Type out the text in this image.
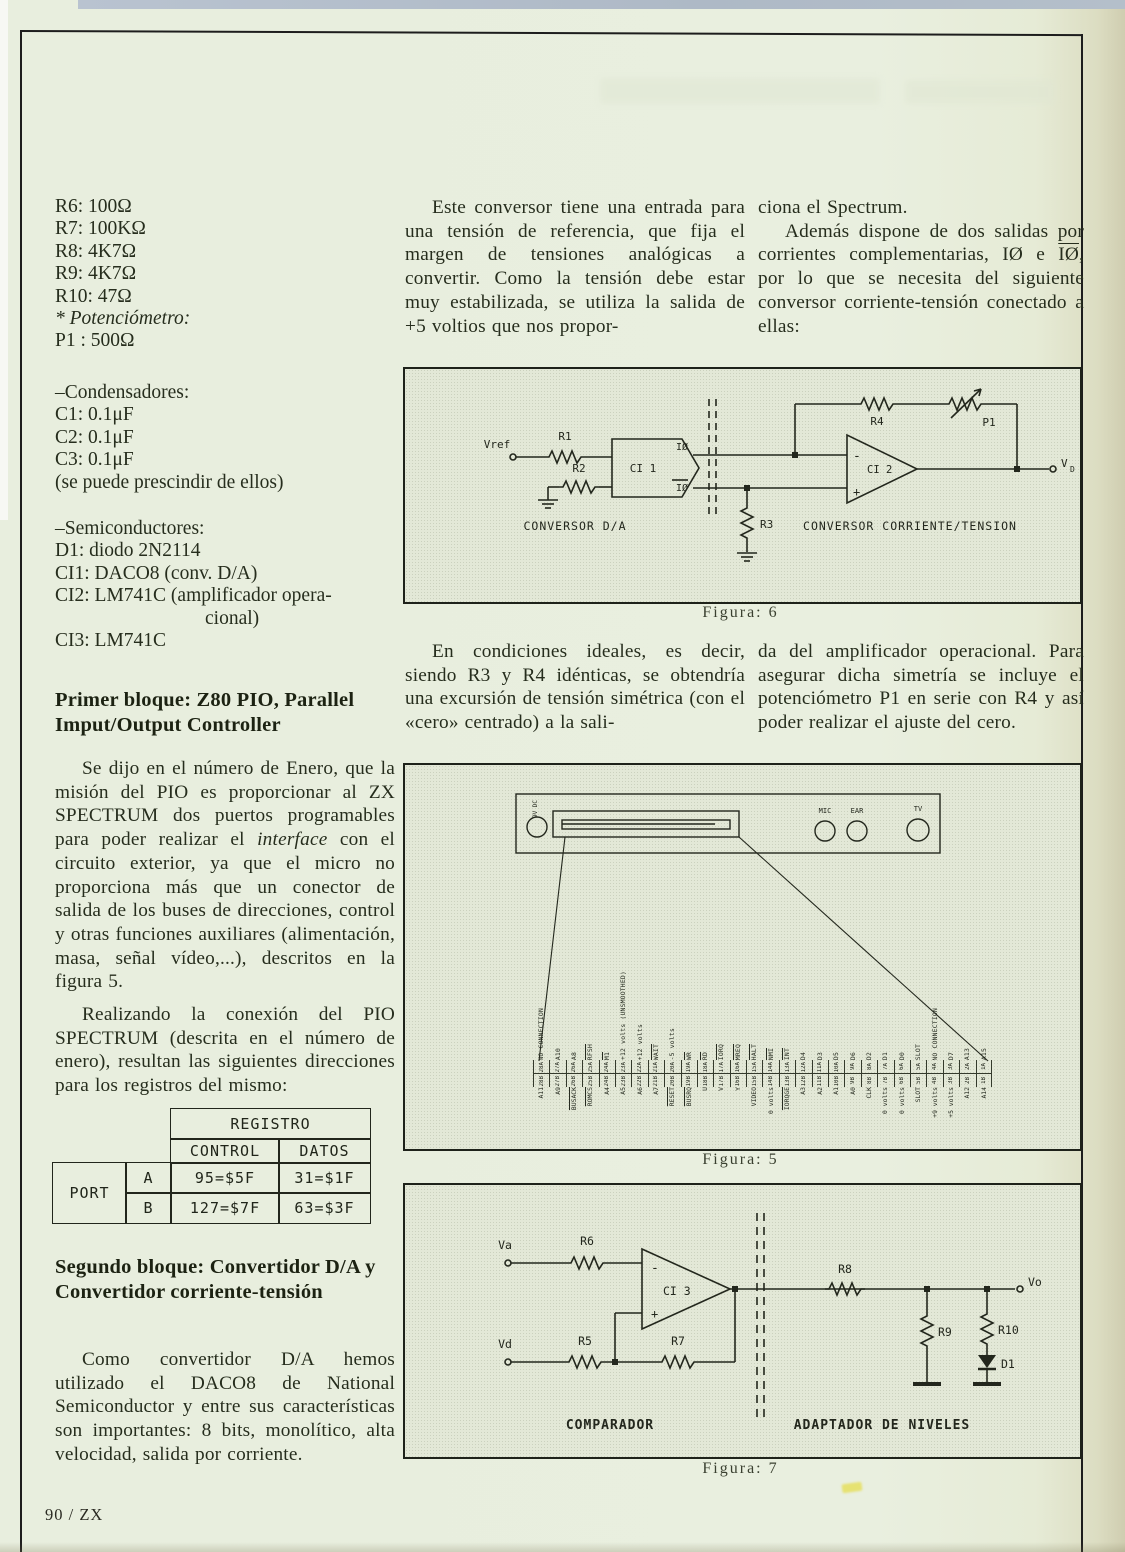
R6: 100Ω
R7: 100KΩ
R8: 4K7Ω
R9: 4K7Ω
R10: 47Ω
* Potenciómetro:
P1 : 500Ω
–Condensadores:
C1: 0.1μF
C2: 0.1μF
C3: 0.1μF
(se puede prescindir de ellos)
–Semiconductores:
D1: diodo 2N2114
CI1: DACO8 (conv. D/A)
CI2: LM741C (amplificador opera-
cional)
CI3: LM741C
Primer bloque: Z80 PIO, Parallel Imput/Output Controller

Se dijo en el número de Enero, que la misión del PIO es proporcionar al ZX SPECTRUM dos puertos programables para poder realizar el interface con el circuito exterior, ya que el micro no proporciona más que un conector de salida de los buses de direcciones, control y otras funciones auxiliares (alimentación, masa, señal vídeo,...), descritos en la figura 5.

Realizando la conexión del PIO SPECTRUM (descrita en el número de enero), resultan las siguientes direcciones para los registros del mismo:

REGISTRO
CONTROL	DATOS
PORT
A	95=$5F	31=$1F
B	127=$7F	63=$3F
Segundo bloque: Convertidor D/A y Convertidor corriente-tensión

Como convertidor D/A hemos utilizado el DACO8 de National Semiconductor y entre sus características son importantes: 8 bits, monolítico, alta velocidad, salida por corriente.

90 / ZX

Este conversor tiene una entrada para una tensión de referencia, que fija el margen de tensiones analógicas a convertir. Como la tensión debe estar muy estabilizada, se utiliza la salida de +5 voltios que nos propor-

En condiciones ideales, es decir, siendo R3 y R4 idénticas, se obtendría una excursión de tensión simétrica (con el «cero» centrado) a la sali-

ciona el Spectrum.

Además dispone de dos salidas por corrientes complementarias, IØ e $\overline{IØ}$, por lo que se necesita del siguiente conversor corriente-tensión conectado a ellas:

da del amplificador operacional. Para asegurar dicha simetría se incluye el potenciómetro P1 en serie con R4 y así poder realizar el ajuste del cero.

Vref
R1
R2	CI 1
IØ
IØ
R4	P1
R3
-
+
CI 2	V D
CONVERSOR D/A	CONVERSOR CORRIENTE/TENSION
Figura: 6
9V DC	MIC	EAR	TV
NO CONNECTION
28A
28B
A11
A10
27A
27B
A9
A8
26A
26B
BUSACK
RFSH
25A
25B
ROMCS
M1
24A
24B
A4
+12 volts (UNSMOOTHED)
23A
23B
A5
+12 volts
22A
22B
A6
WAIT
21A
21B
A7
-5 volts
20A
20B
RESET
WR
19A
19B
BUSRQ
RD
18A
18B
U
IORQ
17A
17B
V
MREQ
16A
16B
Y
HALT
15A
15B
VIDEO
NMI
14A
14B
0 volts
INT
13A
13B
IORQGE
D4
12A
12B
A3
D3
11A
11B
A2
D5
10A
10B
A1
D6
9A
9B
A0
D2
8A
8B
CLK
D1
7A
7B
0 volts
D0
6A
6B
0 volts
SLOT
5A
5B
SLOT
NO CONNECTION
4A
4B
+9 volts
D7
3A
3B
+5 volts
A13
2A
2B
A12
A15
1A
1B
A14
Figura: 5
Va	R6
Vd	R5	R7
-
+
CI 3
R8
R9	R10
D1
Vo
COMPARADOR	ADAPTADOR DE NIVELES
Figura: 7
